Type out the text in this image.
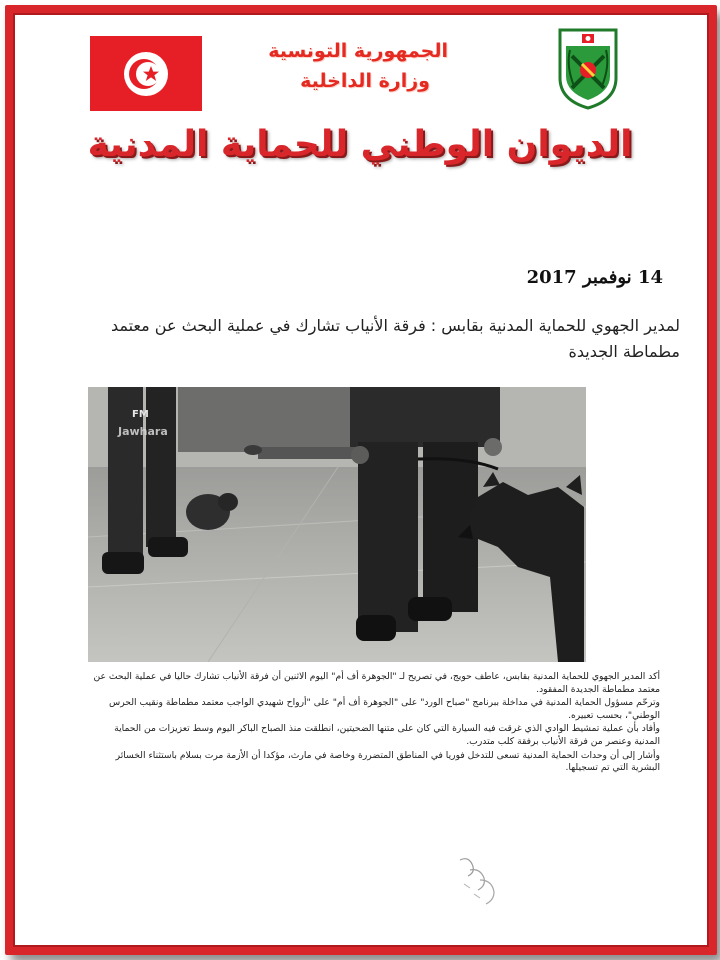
الجمهورية التونسية
وزارة الداخلية
الديوان الوطني للحماية المدنية
14 نوفمبر 2017
لمدير الجهوي للحماية المدنية بقابس : فرقة الأنياب تشارك في عملية البحث عن معتمد مطماطة الجديدة
Jawhara
FM

أكد المدير الجهوي للحماية المدنية بقابس، عاطف حويج، في تصريح لـ "الجوهرة أف أم" اليوم الاثنين أن فرقة الأنياب تشارك حاليا في عملية البحث عن معتمد مطماطة الجديدة المفقود.

وترحّم مسؤول الحماية المدنية في مداخلة ببرنامج "صباح الورد" على "الجوهرة أف أم" على "أرواح شهيدي الواجب معتمد مطماطة ونقيب الحرس الوطني"، بحسب تعبيره.

وأفاد بأن عملية تمشيط الوادي الذي غرقت فيه السيارة التي كان على متنها الضحيتين، انطلقت منذ الصباح الباكر اليوم وسط تعزيزات من الحماية المدنية وعنصر من فرقة الأنياب برفقة كلب متدرب.

وأشار إلى أن وحدات الحماية المدنية تسعى للتدخل فوريا في المناطق المتضررة وخاصة في مارث، مؤكدا أن الأزمة مرت بسلام باستثناء الخسائر البشرية التي تم تسجيلها.
